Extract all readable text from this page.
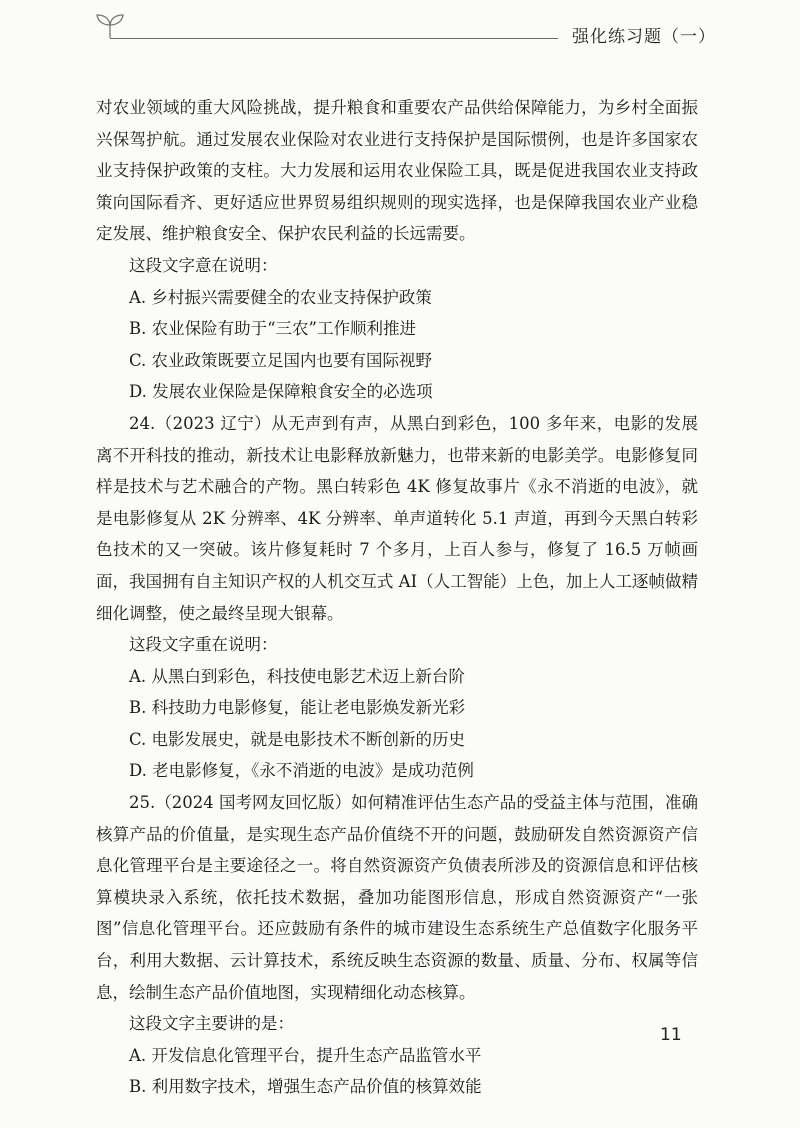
强化练习题（一）

对农业领域的重大风险挑战，提升粮食和重要农产品供给保障能力，为乡村全面振兴保驾护航。通过发展农业保险对农业进行支持保护是国际惯例，也是许多国家农业支持保护政策的支柱。大力发展和运用农业保险工具，既是促进我国农业支持政策向国际看齐、更好适应世界贸易组织规则的现实选择，也是保障我国农业产业稳定发展、维护粮食安全、保护农民利益的长远需要。

这段文字意在说明：

A. 乡村振兴需要健全的农业支持保护政策

B. 农业保险有助于“三农”工作顺利推进

C. 农业政策既要立足国内也要有国际视野

D. 发展农业保险是保障粮食安全的必选项

24.（2023 辽宁）从无声到有声，从黑白到彩色，100 多年来，电影的发展离不开科技的推动，新技术让电影释放新魅力，也带来新的电影美学。电影修复同样是技术与艺术融合的产物。黑白转彩色 4K 修复故事片《永不消逝的电波》，就是电影修复从 2K 分辨率、4K 分辨率、单声道转化 5.1 声道，再到今天黑白转彩色技术的又一突破。该片修复耗时 7 个多月，上百人参与，修复了 16.5 万帧画面，我国拥有自主知识产权的人机交互式 AI（人工智能）上色，加上人工逐帧做精细化调整，使之最终呈现大银幕。

这段文字重在说明：

A. 从黑白到彩色，科技使电影艺术迈上新台阶

B. 科技助力电影修复，能让老电影焕发新光彩

C. 电影发展史，就是电影技术不断创新的历史

D. 老电影修复，《永不消逝的电波》是成功范例

25.（2024 国考网友回忆版）如何精准评估生态产品的受益主体与范围，准确核算产品的价值量，是实现生态产品价值绕不开的问题，鼓励研发自然资源资产信息化管理平台是主要途径之一。将自然资源资产负债表所涉及的资源信息和评估核算模块录入系统，依托技术数据，叠加功能图形信息，形成自然资源资产“一张图”信息化管理平台。还应鼓励有条件的城市建设生态系统生产总值数字化服务平台，利用大数据、云计算技术，系统反映生态资源的数量、质量、分布、权属等信息，绘制生态产品价值地图，实现精细化动态核算。

这段文字主要讲的是：

A. 开发信息化管理平台，提升生态产品监管水平

B. 利用数字技术，增强生态产品价值的核算效能

11
